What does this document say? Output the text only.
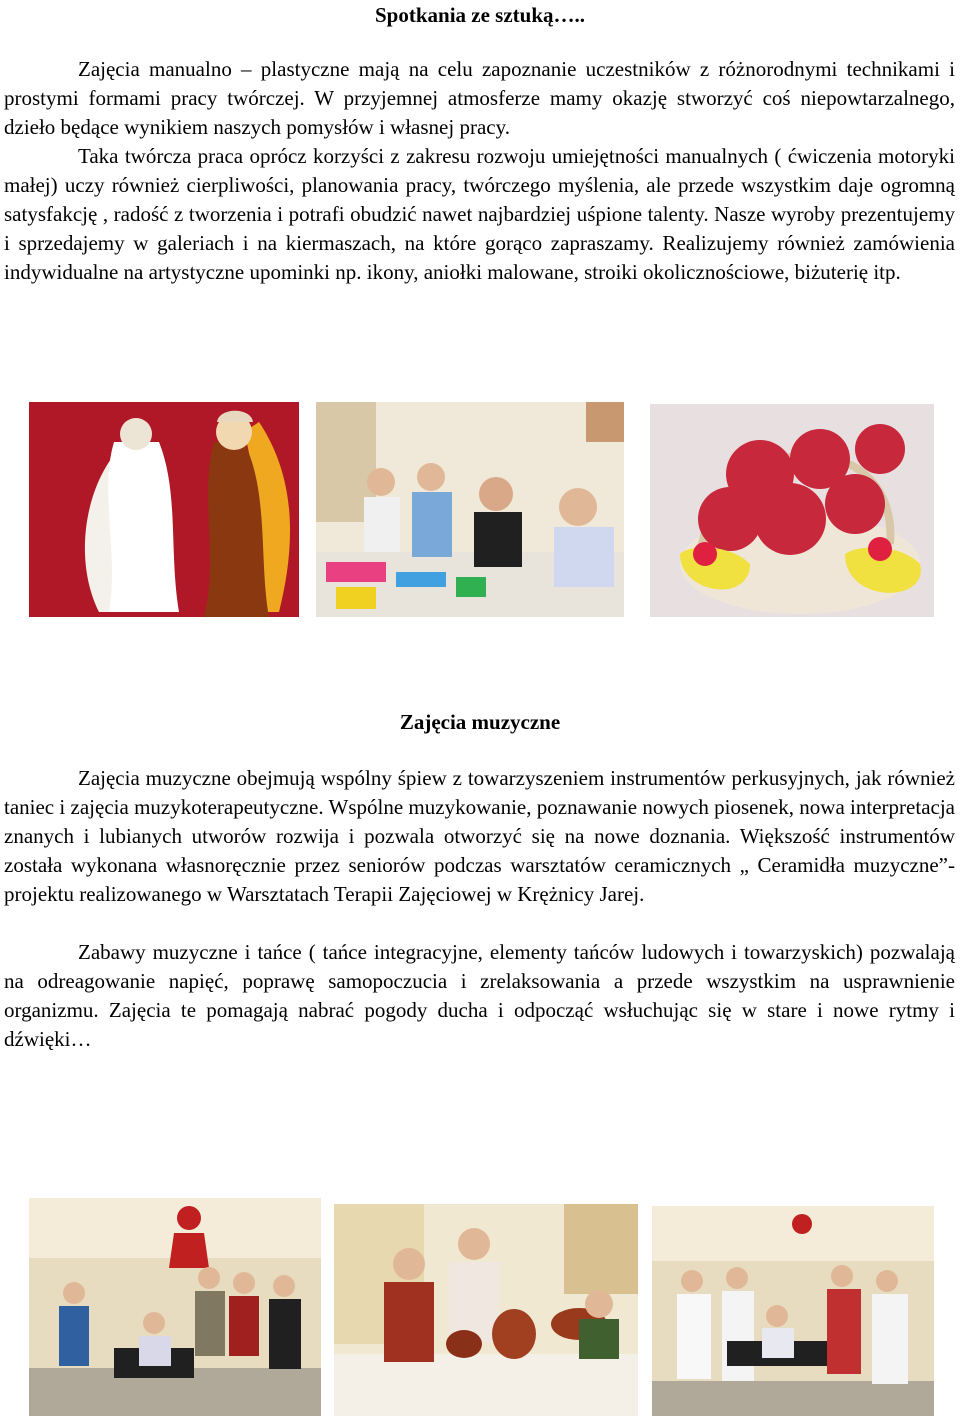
Spotkania ze sztuką…..

Zajęcia manualno – plastyczne mają na celu zapoznanie uczestników z różnorodnymi technikami i prostymi formami pracy twórczej. W przyjemnej atmosferze mamy okazję stworzyć coś niepowtarzalnego, dzieło będące wynikiem naszych pomysłów i własnej pracy.

Taka twórcza praca oprócz korzyści z zakresu rozwoju umiejętności manualnych ( ćwiczenia motoryki małej) uczy również cierpliwości, planowania pracy, twórczego myślenia, ale przede wszystkim daje ogromną satysfakcję , radość z tworzenia i potrafi obudzić nawet najbardziej uśpione talenty. Nasze wyroby prezentujemy i sprzedajemy w galeriach i na kiermaszach, na które gorąco zapraszamy. Realizujemy również zamówienia indywidualne na artystyczne upominki np. ikony, aniołki malowane, stroiki okolicznościowe, biżuterię itp.

Zajęcia muzyczne

Zajęcia muzyczne obejmują wspólny śpiew z towarzyszeniem instrumentów perkusyjnych, jak również taniec i zajęcia muzykoterapeutyczne. Wspólne muzykowanie, poznawanie nowych piosenek, nowa interpretacja znanych i lubianych utworów rozwija i pozwala otworzyć się na nowe doznania. Większość instrumentów została wykonana własnoręcznie przez seniorów podczas warsztatów ceramicznych „ Ceramidła muzyczne”- projektu realizowanego w Warsztatach Terapii Zajęciowej w Krężnicy Jarej.

Zabawy muzyczne i tańce ( tańce integracyjne, elementy tańców ludowych i towarzyskich) pozwalają na odreagowanie napięć, poprawę samopoczucia i zrelaksowania a przede wszystkim na usprawnienie organizmu. Zajęcia te pomagają nabrać pogody ducha i odpocząć wsłuchując się w stare i nowe rytmy i dźwięki…
